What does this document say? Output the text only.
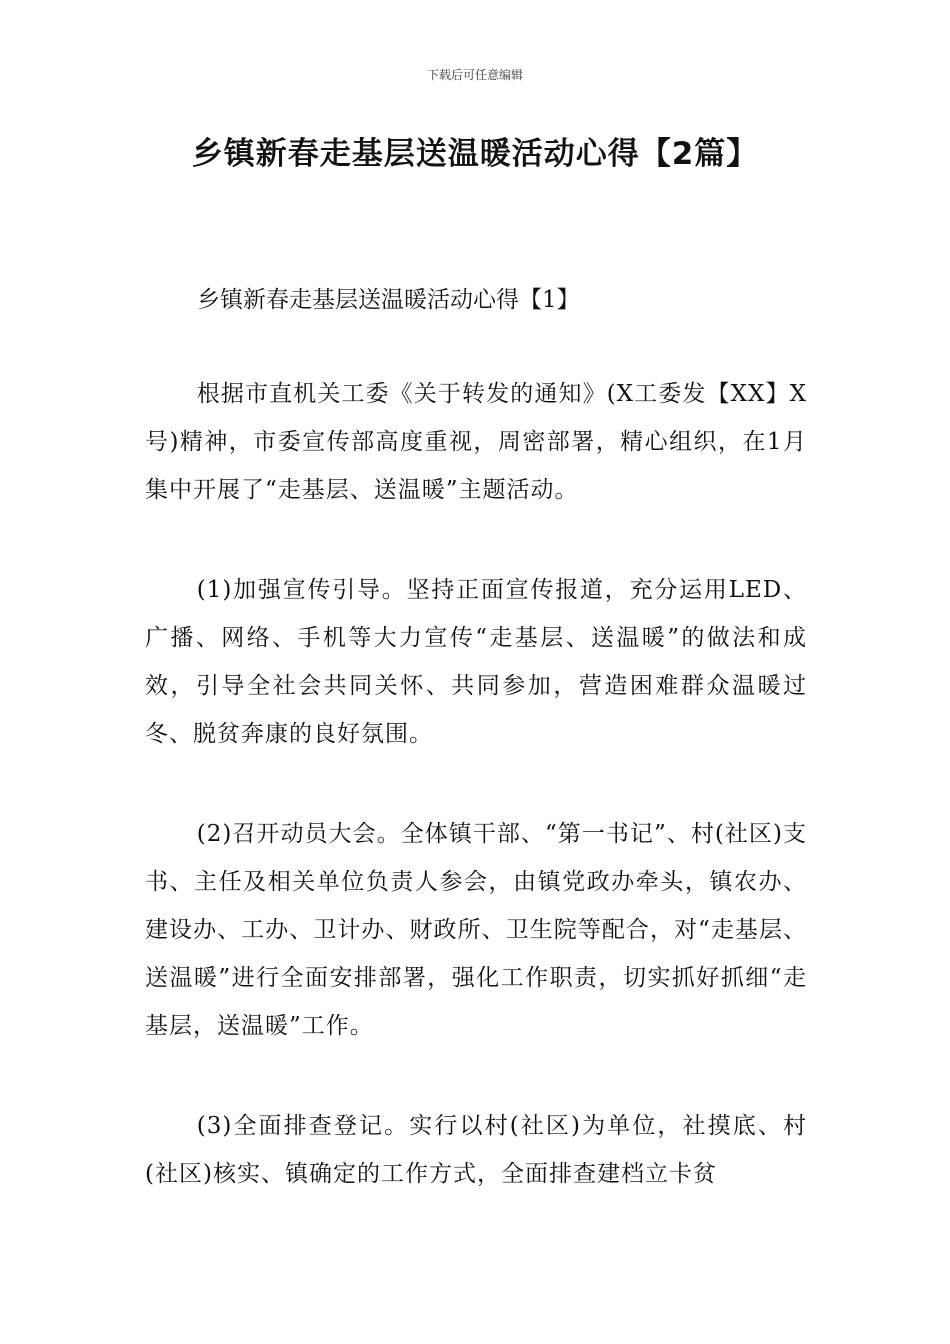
下载后可任意编辑
乡镇新春走基层送温暖活动心得【2篇】

乡镇新春走基层送温暖活动心得【1】

根据市直机关工委《关于转发的通知》(X工委发【XX】X号)精神，市委宣传部高度重视，周密部署，精心组织，在1月集中开展了“走基层、送温暖”主题活动。

(1)加强宣传引导。坚持正面宣传报道，充分运用LED、广播、网络、手机等大力宣传“走基层、送温暖”的做法和成效，引导全社会共同关怀、共同参加，营造困难群众温暖过冬、脱贫奔康的良好氛围。

(2)召开动员大会。全体镇干部、“第一书记”、村(社区)支书、主任及相关单位负责人参会，由镇党政办牵头，镇农办、建设办、工办、卫计办、财政所、卫生院等配合，对“走基层、送温暖”进行全面安排部署，强化工作职责，切实抓好抓细“走基层，送温暖”工作。

(3)全面排查登记。实行以村(社区)为单位，社摸底、村(社区)核实、镇确定的工作方式，全面排查建档立卡贫
